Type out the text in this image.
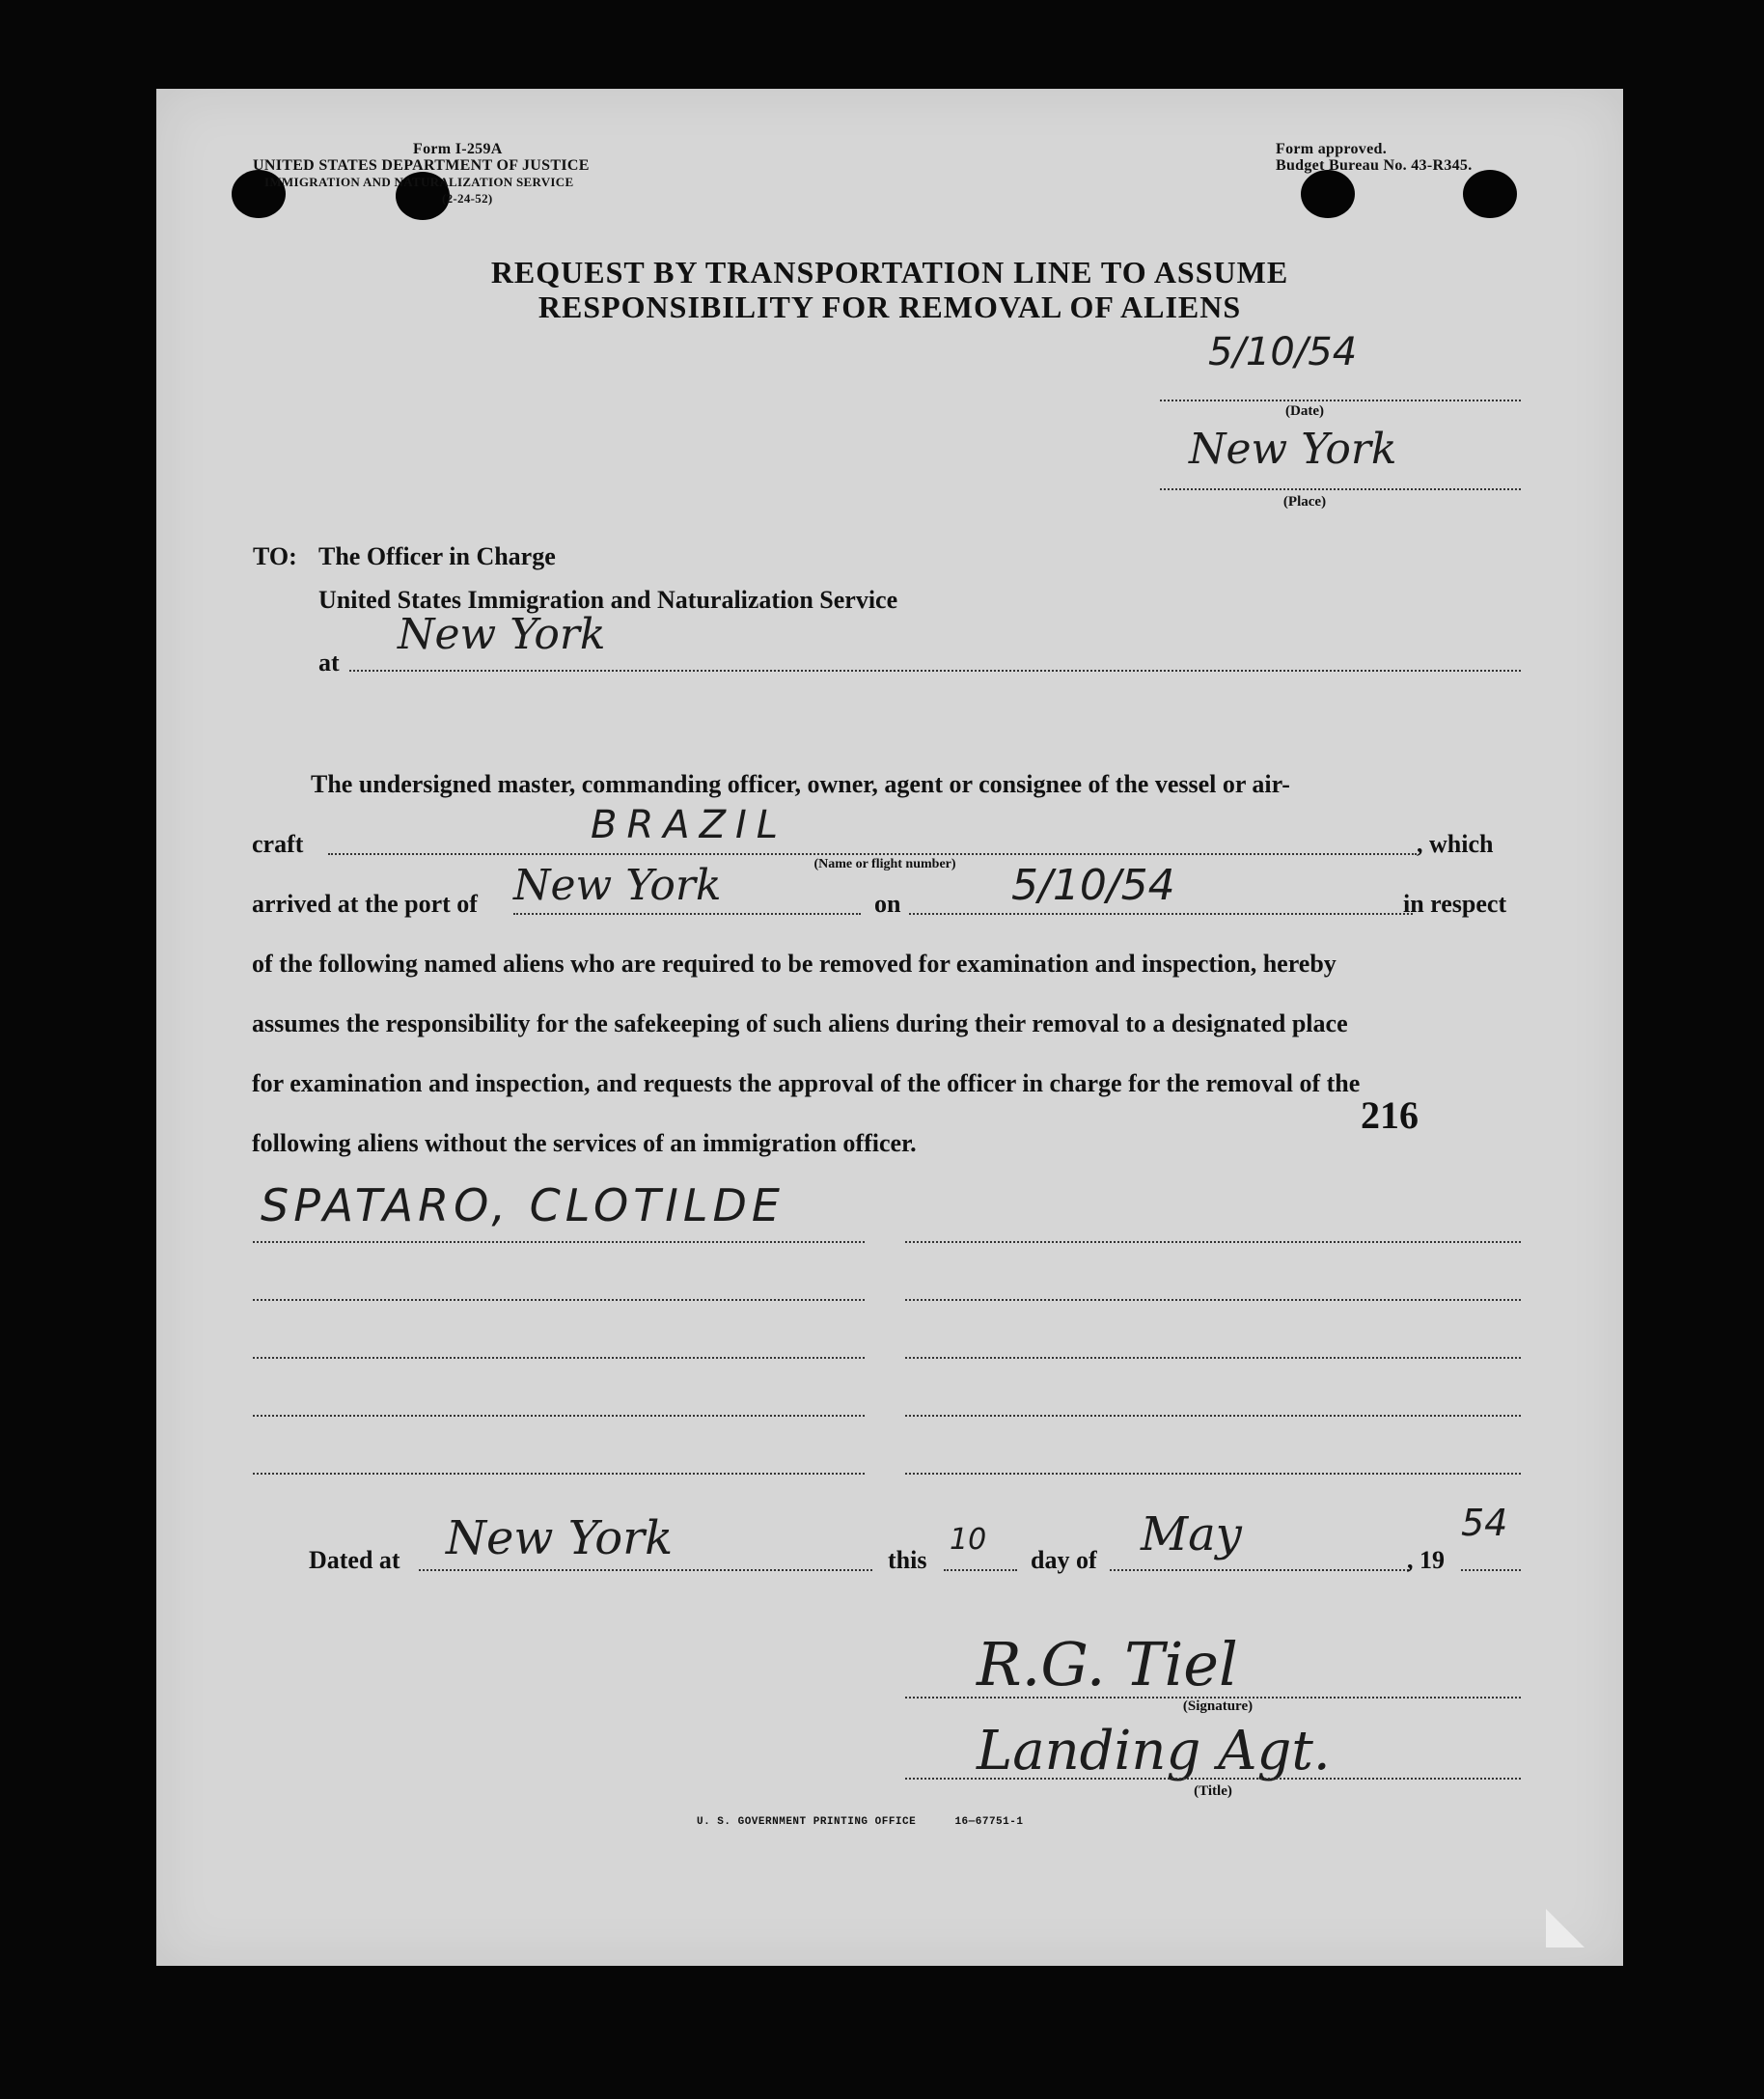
Form I-259A
UNITED STATES DEPARTMENT OF JUSTICE
IMMIGRATION AND NATURALIZATION SERVICE
(2-24-52)
Form approved.
Budget Bureau No. 43-R345.
REQUEST BY TRANSPORTATION LINE TO ASSUME
RESPONSIBILITY FOR REMOVAL OF ALIENS
5/10/54
(Date)
New York
(Place)
TO: The Officer in Charge
United States Immigration and Naturalization Service
at
New York
The undersigned master, commanding officer, owner, agent or consignee of the vessel or air-
craft	BRAZIL	, which
(Name or flight number)
arrived at the port of New York	on	5/10/54	in respect
of the following named aliens who are required to be removed for examination and inspection, hereby
assumes the responsibility for the safekeeping of such aliens during their removal to a designated place
for examination and inspection, and requests the approval of the officer in charge for the removal of the
216
following aliens without the services of an immigration officer.
SPATARO, CLOTILDE
Dated at New York	this
10
day of May	, 19
54
R.G. Tiel
(Signature)
Landing Agt.
(Title)
U. S. GOVERNMENT PRINTING OFFICE	16—67751-1
